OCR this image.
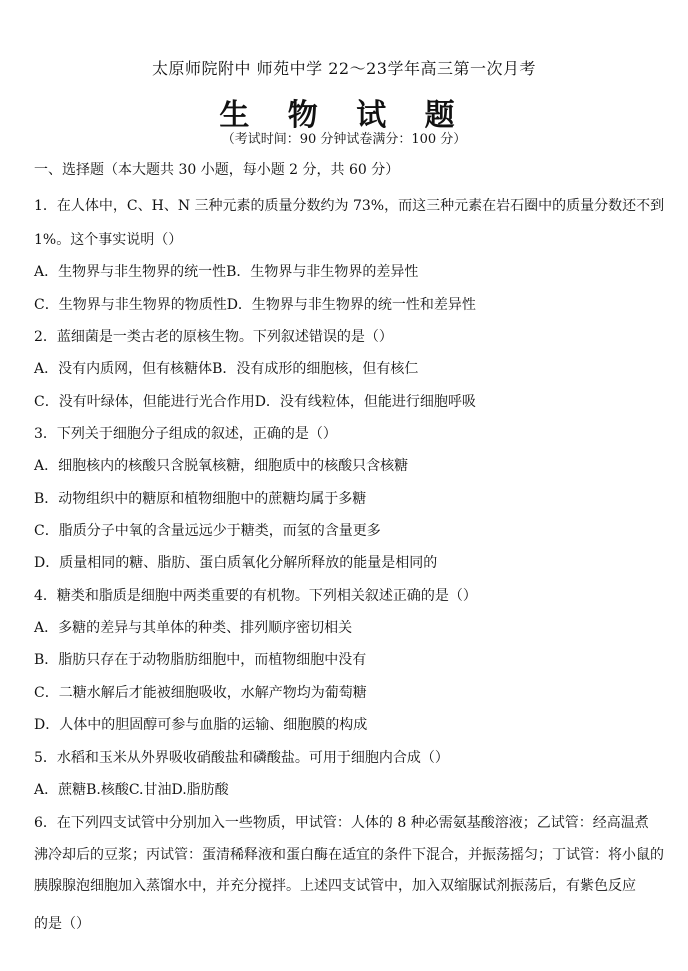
太原师院附中 师苑中学 22～23学年高三第一次月考
生 物 试 题
（考试时间：90 分钟试卷满分：100 分）
一、选择题（本大题共 30 小题，每小题 2 分，共 60 分）
1．在人体中，C、H、N 三种元素的质量分数约为 73%，而这三种元素在岩石圈中的质量分数还不到
1%。这个事实说明（）
A．生物界与非生物界的统一性B．生物界与非生物界的差异性
C．生物界与非生物界的物质性D．生物界与非生物界的统一性和差异性
2．蓝细菌是一类古老的原核生物。下列叙述错误的是（）
A．没有内质网，但有核糖体B．没有成形的细胞核，但有核仁
C．没有叶绿体，但能进行光合作用D．没有线粒体，但能进行细胞呼吸
3．下列关于细胞分子组成的叙述，正确的是（）
A．细胞核内的核酸只含脱氧核糖，细胞质中的核酸只含核糖
B．动物组织中的糖原和植物细胞中的蔗糖均属于多糖
C．脂质分子中氧的含量远远少于糖类，而氢的含量更多
D．质量相同的糖、脂肪、蛋白质氧化分解所释放的能量是相同的
4．糖类和脂质是细胞中两类重要的有机物。下列相关叙述正确的是（）
A．多糖的差异与其单体的种类、排列顺序密切相关
B．脂肪只存在于动物脂肪细胞中，而植物细胞中没有
C．二糖水解后才能被细胞吸收，水解产物均为葡萄糖
D．人体中的胆固醇可参与血脂的运输、细胞膜的构成
5．水稻和玉米从外界吸收硝酸盐和磷酸盐。可用于细胞内合成（）
A．蔗糖B.核酸C.甘油D.脂肪酸
6．在下列四支试管中分别加入一些物质，甲试管：人体的 8 种必需氨基酸溶液；乙试管：经高温煮
沸冷却后的豆浆；丙试管：蛋清稀释液和蛋白酶在适宜的条件下混合，并振荡摇匀；丁试管：将小鼠的
胰腺腺泡细胞加入蒸馏水中，并充分搅拌。上述四支试管中，加入双缩脲试剂振荡后，有紫色反应
的是（）
